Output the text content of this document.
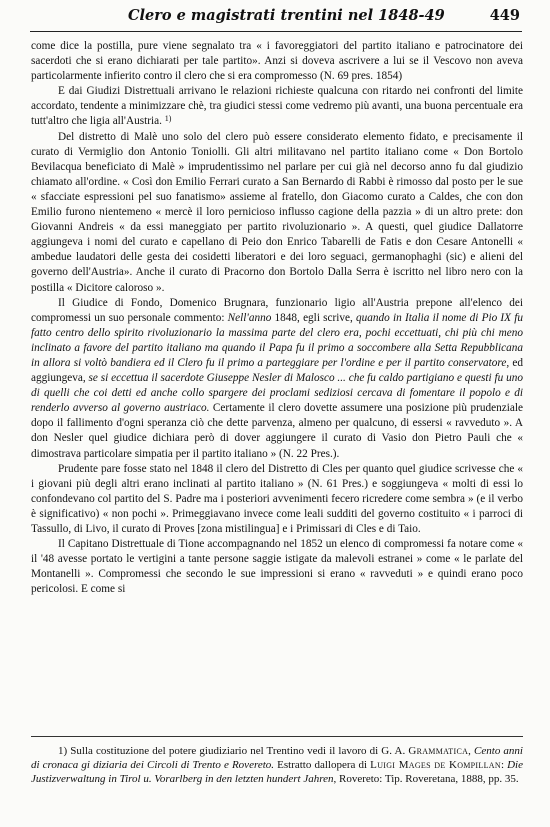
Clero e magistrati trentini nel 1848-49	449

come dice la postilla, pure viene segnalato tra « i favoreggiatori del partito italiano e patrocinatore dei sacerdoti che si erano dichiarati per tale partito». Anzi si doveva ascrivere a lui se il Vescovo non aveva particolarmente infierito contro il clero che si era compromesso (N. 69 pres. 1854)

E dai Giudizi Distrettuali arrivano le relazioni richieste qualcuna con ritardo nei confronti del limite accordato, tendente a minimizzare chè, tra giudici stessi come vedremo più avanti, una buona percentuale era tutt'altro che ligia all'Austria. $^{1)}$

Del distretto di Malè uno solo del clero può essere considerato elemento fidato, e precisamente il curato di Vermiglio don Antonio Toniolli. Gli altri militavano nel partito italiano come « Don Bortolo Bevilacqua beneficiato di Malè » imprudentissimo nel parlare per cui già nel decorso anno fu dal giudizio chiamato all'ordine. « Così don Emilio Ferrari curato a San Bernardo di Rabbi è rimosso dal posto per le sue « sfacciate espressioni pel suo fanatismo» assieme al fratello, don Giacomo curato a Caldes, che con don Emilio furono nientemeno « mercè il loro pernicioso influsso cagione della pazzia » di un altro prete: don Giovanni Andreis « da essi maneggiato per partito rivoluzionario ». A questi, quel giudice Dallatorre aggiungeva i nomi del curato e capellano di Peio don Enrico Tabarelli de Fatis e don Cesare Antonelli « ambedue laudatori delle gesta dei cosidetti liberatori e dei loro seguaci, germanophaghi (sic) e alieni del governo dell'Austria». Anche il curato di Pracorno don Bortolo Dalla Serra è iscritto nel libro nero con la postilla « Dicitore caloroso ».

Il Giudice di Fondo, Domenico Brugnara, funzionario ligio all'Austria prepone all'elenco dei compromessi un suo personale commento: Nell'anno 1848, egli scrive, quando in Italia il nome di Pio IX fu fatto centro dello spirito rivoluzionario la massima parte del clero era, pochi eccettuati, chi più chi meno inclinato a favore del partito italiano ma quando il Papa fu il primo a soccombere alla Setta Repubblicana in allora si voltò bandiera ed il Clero fu il primo a parteggiare per l'ordine e per il partito conservatore, ed aggiungeva, se si eccettua il sacerdote Giuseppe Nesler di Malosco ... che fu caldo partigiano e questi fu uno di quelli che coi detti ed anche collo spargere dei proclami sediziosi cercava di fomentare il popolo e di renderlo avverso al governo austriaco. Certamente il clero dovette assumere una posizione più prudenziale dopo il fallimento d'ogni speranza ciò che dette parvenza, almeno per qualcuno, di essersi « ravveduto ». A don Nesler quel giudice dichiara però di dover aggiungere il curato di Vasio don Pietro Pauli che « dimostrava particolare simpatia per il partito italiano » (N. 22 Pres.).

Prudente pare fosse stato nel 1848 il clero del Distretto di Cles per quanto quel giudice scrivesse che « i giovani più degli altri erano inclinati al partito italiano » (N. 61 Pres.) e soggiungeva « molti di essi lo confondevano col partito del S. Padre ma i posteriori avvenimenti fecero ricredere come sembra » (e il verbo è significativo) « non pochi ». Primeggiavano invece come leali sudditi del governo costituito « i parroci di Tassullo, di Livo, il curato di Proves [zona mistilingua] e i Primissari di Cles e di Taio.

Il Capitano Distrettuale di Tione accompagnando nel 1852 un elenco di compromessi fa notare come « il '48 avesse portato le vertigini a tante persone saggie istigate da malevoli estranei » come « le parlate del Montanelli ». Compromessi che secondo le sue impressioni si erano « ravveduti » e quindi erano poco pericolosi. E come si

1) Sulla costituzione del potere giudiziario nel Trentino vedi il lavoro di G. A. Grammatica, Cento anni di cronaca gi diziaria dei Circoli di Trento e Rovereto. Estratto dallopera di Luigi Mages de Kompillan: Die Justizverwaltung in Tirol u. Vorarlberg in den letzten hundert Jahren, Rovereto: Tip. Roveretana, 1888, pp. 35.
